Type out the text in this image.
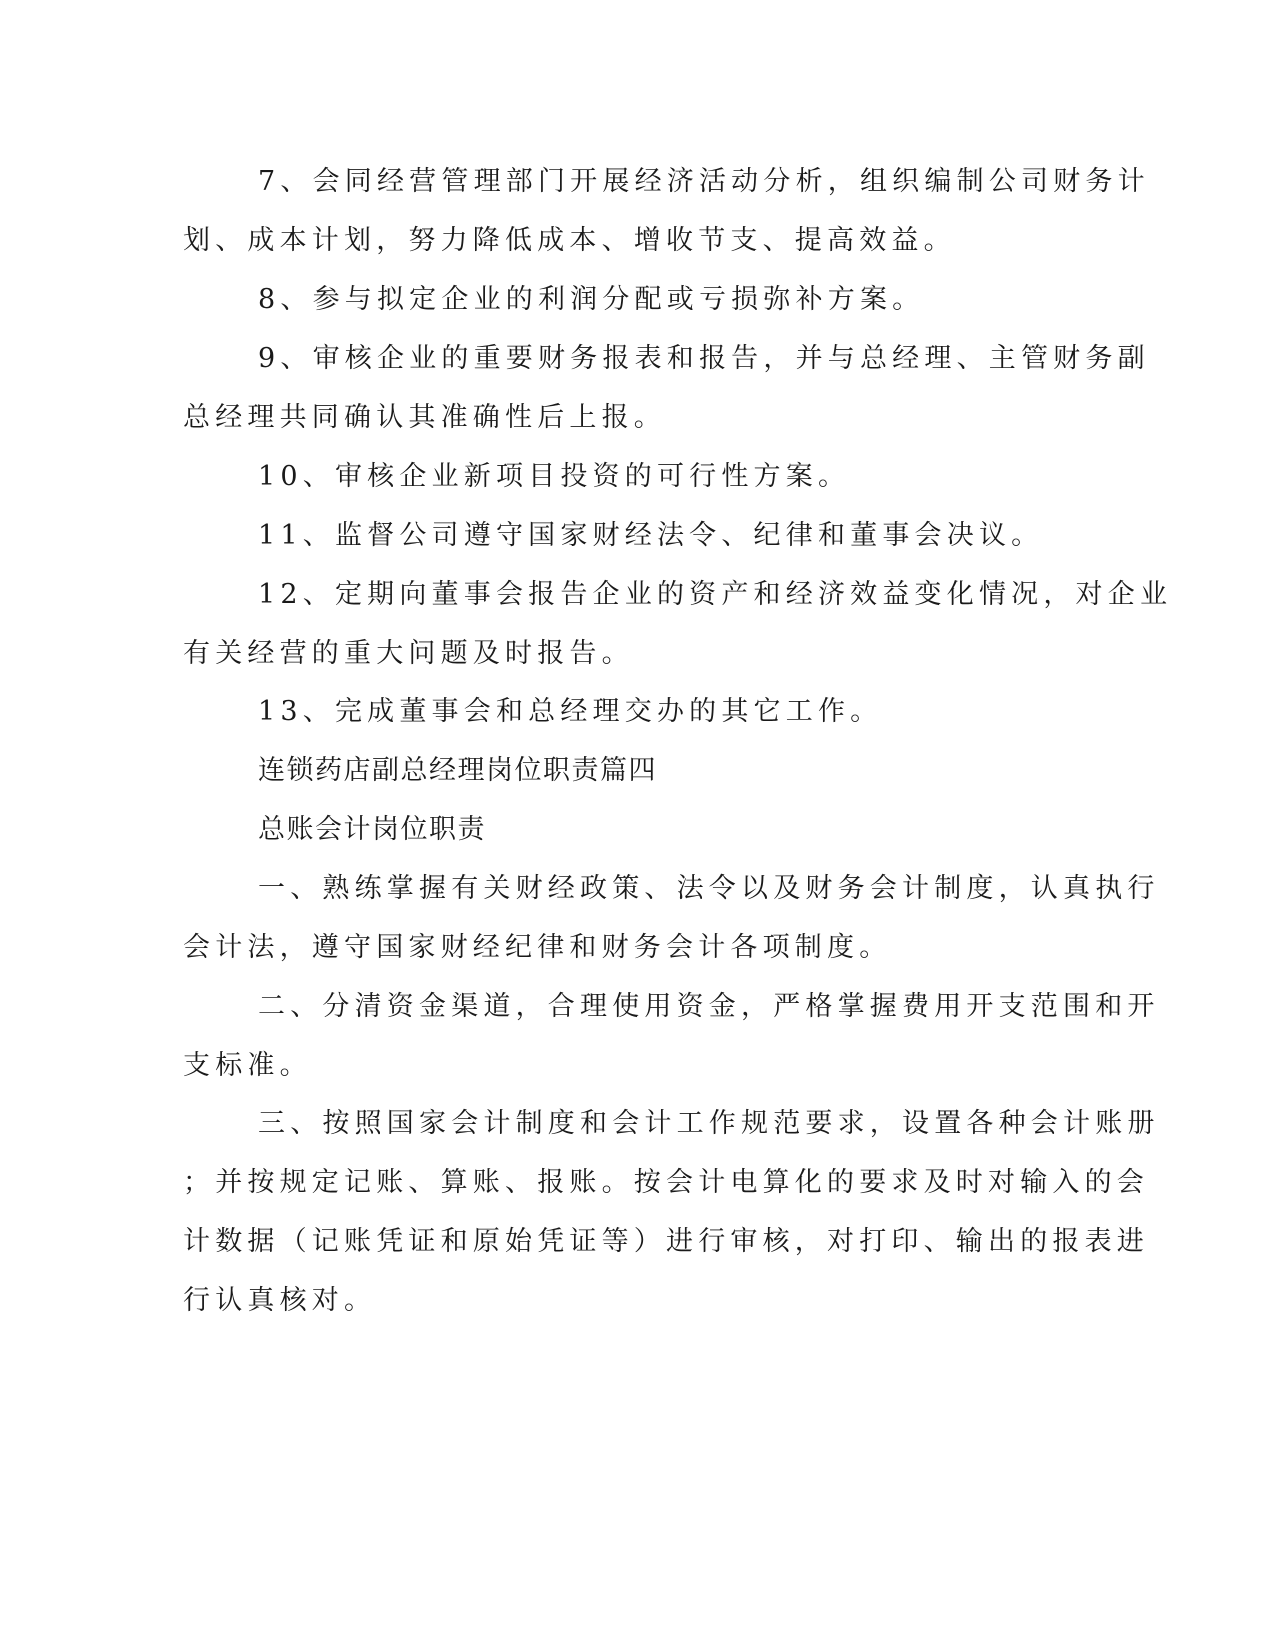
7、会同经营管理部门开展经济活动分析，组织编制公司财务计
划、成本计划，努力降低成本、增收节支、提高效益。
8、参与拟定企业的利润分配或亏损弥补方案。
9、审核企业的重要财务报表和报告，并与总经理、主管财务副
总经理共同确认其准确性后上报。
10、审核企业新项目投资的可行性方案。
11、监督公司遵守国家财经法令、纪律和董事会决议。
12、定期向董事会报告企业的资产和经济效益变化情况，对企业
有关经营的重大问题及时报告。
13、完成董事会和总经理交办的其它工作。
连锁药店副总经理岗位职责篇四
总账会计岗位职责
一、熟练掌握有关财经政策、法令以及财务会计制度，认真执行
会计法，遵守国家财经纪律和财务会计各项制度。
二、分清资金渠道，合理使用资金，严格掌握费用开支范围和开
支标准。
三、按照国家会计制度和会计工作规范要求，设置各种会计账册
；并按规定记账、算账、报账。按会计电算化的要求及时对输入的会
计数据（记账凭证和原始凭证等）进行审核，对打印、输出的报表进
行认真核对。
